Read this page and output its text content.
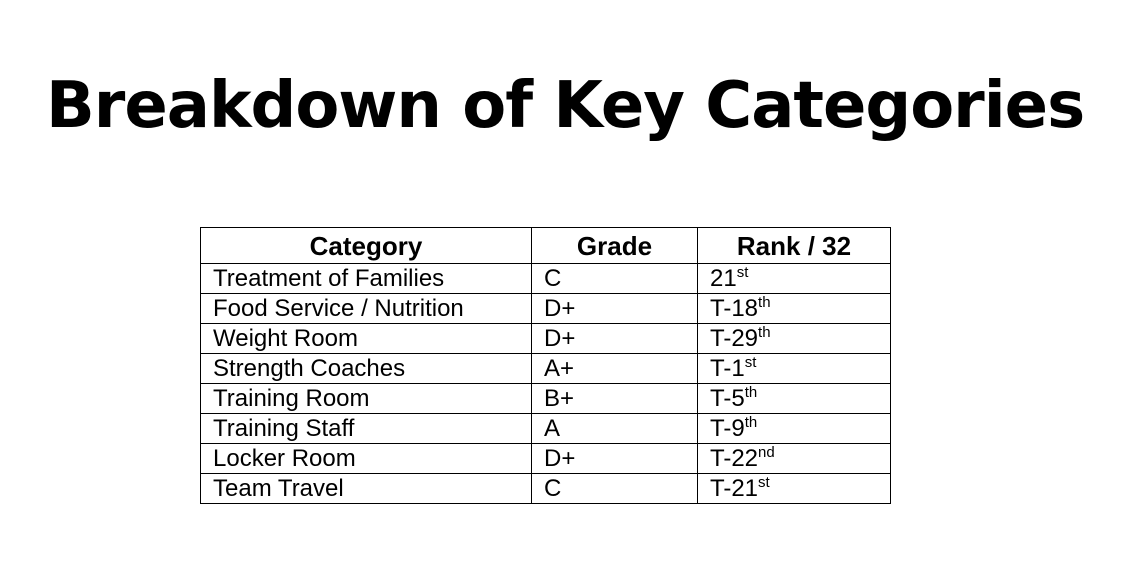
Breakdown of Key Categories
Category	Grade	Rank / 32
Treatment of Families	C	21st
Food Service / Nutrition	D+	T-18th
Weight Room	D+	T-29th
Strength Coaches	A+	T-1st
Training Room	B+	T-5th
Training Staff	A	T-9th
Locker Room	D+	T-22nd
Team Travel	C	T-21st
